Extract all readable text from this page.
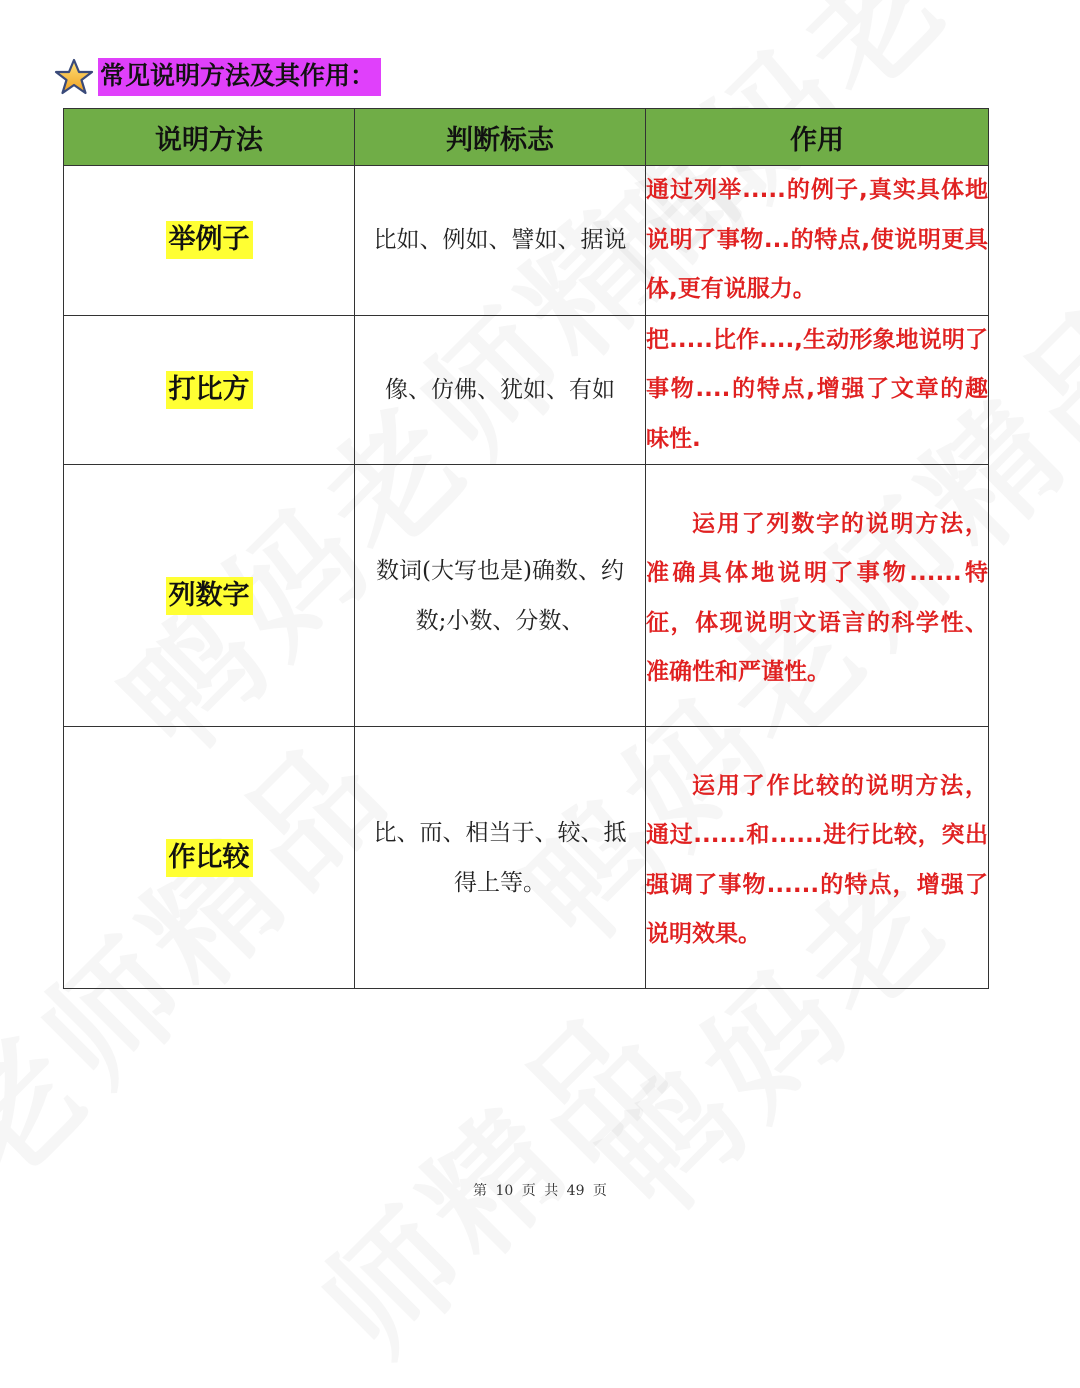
常见说明方法及其作用：
说明方法	判断标志	作用
举例子	比如、例如、譬如、据说	通过列举.....的例子,真实具体地说明了事物...的特点,使说明更具体,更有说服力。

打比方	像、仿佛、犹如、有如	把.....比作....,生动形象地说明了事物....的特点,增强了文章的趣味性.

列数字	数词(大写也是)确数、约数;小数、分数、	运用了列数字的说明方法，准确具体地说明了事物......特征，体现说明文语言的科学性、准确性和严谨性。

作比较	比、而、相当于、较、抵得上等。	运用了作比较的说明方法，通过......和......进行比较，突出强调了事物......的特点，增强了说明效果。
第 10 页 共 49 页
